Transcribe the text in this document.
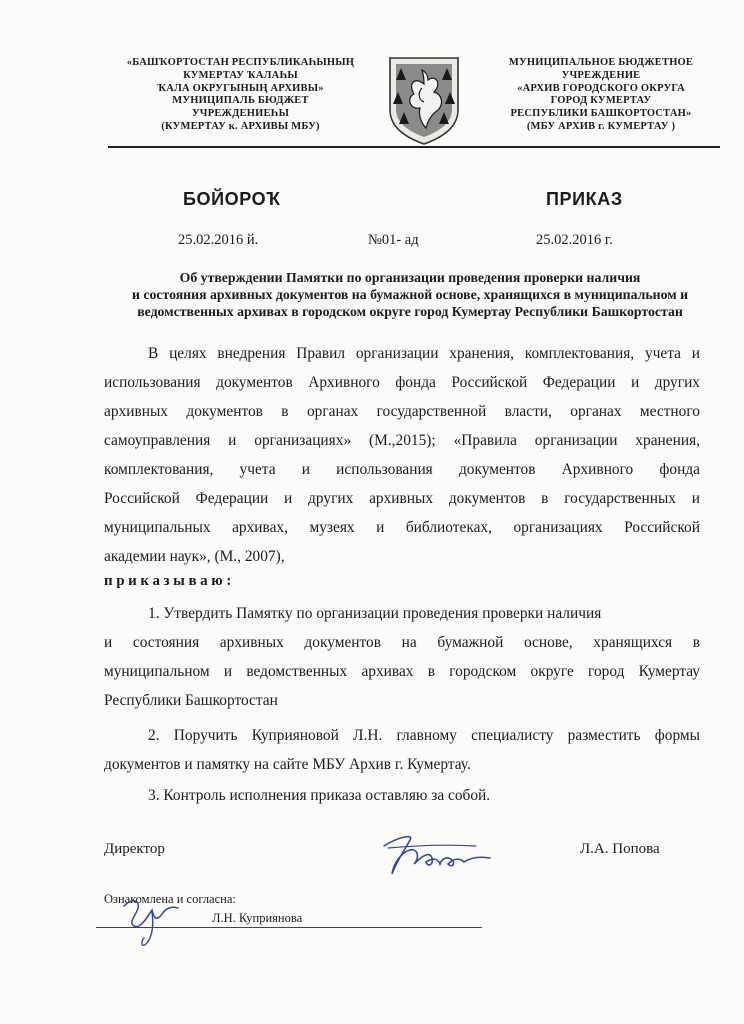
«БАШҠОРТОСТАН РЕСПУБЛИКАҺЫНЫҢ
КУМЕРТАУ ҠАЛАҺЫ
ҠАЛА ОКРУГЫНЫҢ АРХИВЫ»
МУНИЦИПАЛЬ БЮДЖЕТ
УЧРЕЖДЕНИЕҺЫ
(КУМЕРТАУ к. АРХИВЫ МБУ)
МУНИЦИПАЛЬНОЕ БЮДЖЕТНОЕ
УЧРЕЖДЕНИЕ
«АРХИВ ГОРОДСКОГО ОКРУГА
ГОРОД КУМЕРТАУ
РЕСПУБЛИКИ БАШКОРТОСТАН»
(МБУ АРХИВ г. КУМЕРТАУ )
БОЙОРОҠ	ПРИКАЗ
25.02.2016 й.	№01- ад	25.02.2016 г.
Об утверждении Памятки по организации проведения проверки наличия
и состояния архивных документов на бумажной основе, хранящихся в муниципальном и
ведомственных архивах в городском округе город Кумертау Республики Башкортостан
В целях внедрения Правил организации хранения, комплектования, учета и
использования документов Архивного фонда Российской Федерации и других
архивных документов в органах государственной власти, органах местного
самоуправления и организациях» (М.,2015); «Правила организации хранения,
комплектования, учета и использования документов Архивного фонда
Российской Федерации и других архивных документов в государственных и
муниципальных архивах, музеях и библиотеках, организациях Российской
академии наук», (М., 2007),
приказываю:
1. Утвердить Памятку по организации проведения проверки наличия
и состояния архивных документов на бумажной основе, хранящихся в
муниципальном и ведомственных архивах в городском округе город Кумертау
Республики Башкортостан
2. Поручить Куприяновой Л.Н. главному специалисту разместить формы
документов и памятку на сайте МБУ Архив г. Кумертау.
3. Контроль исполнения приказа оставляю за собой.
Директор	Л.А. Попова
Ознакомлена и согласна:
Л.Н. Куприянова
